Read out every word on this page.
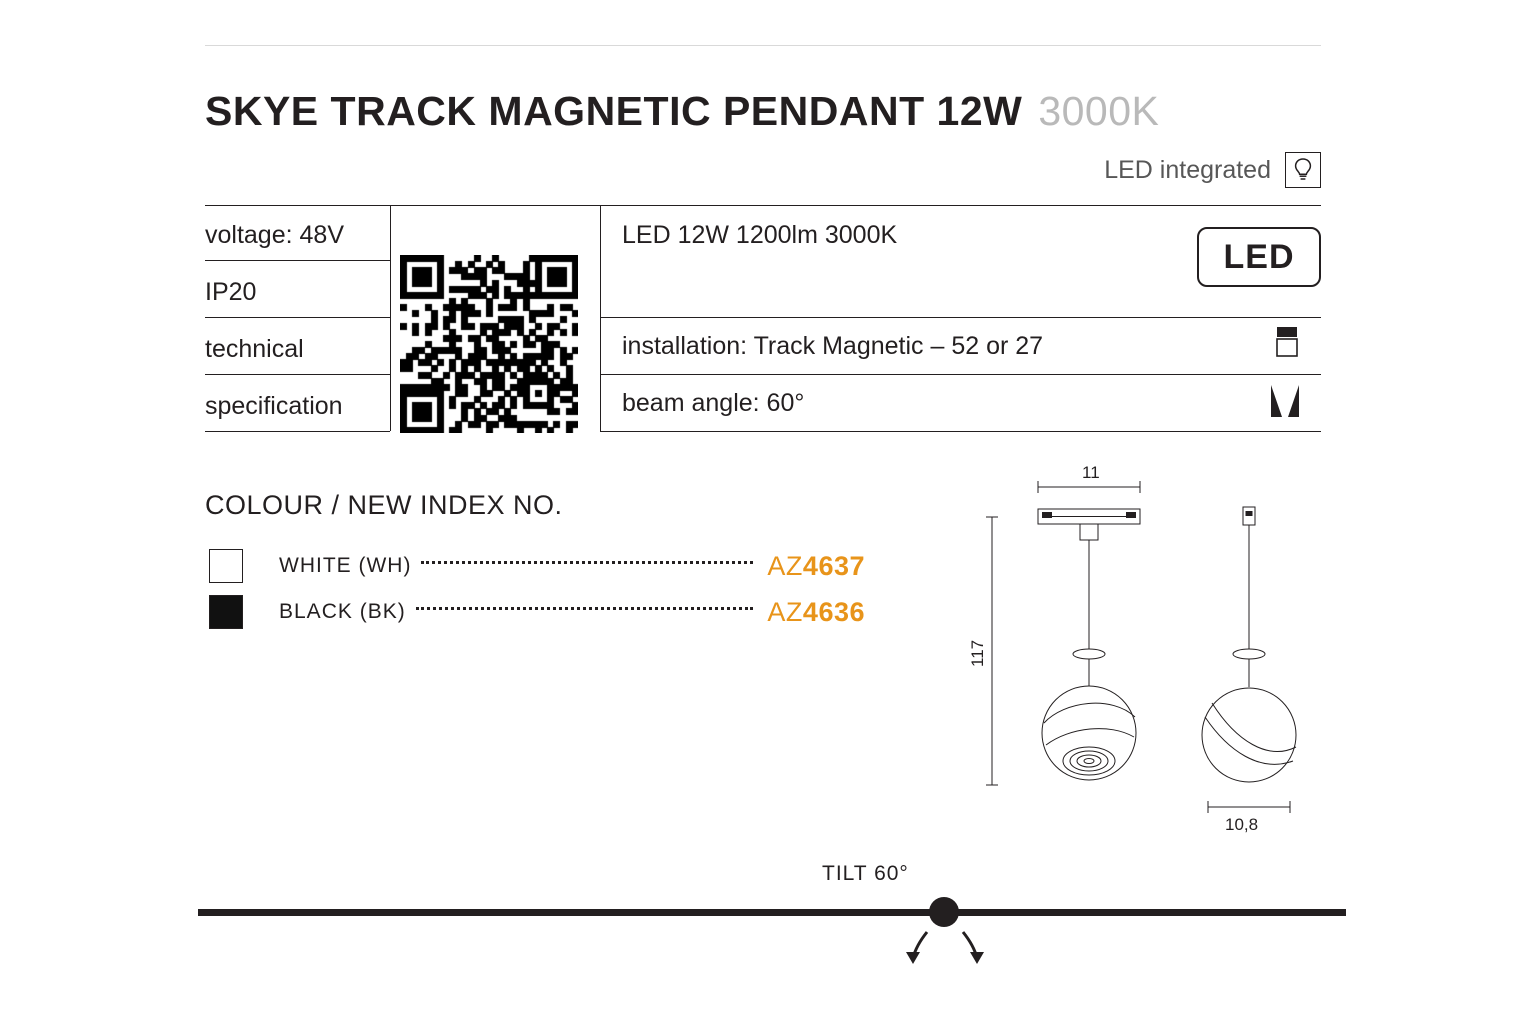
SKYE TRACK MAGNETIC PENDANT 12W 3000K
LED integrated
voltage: 48V
IP20
technical
specification
LED 12W 1200lm 3000K
installation: Track Magnetic – 52 or 27
beam angle: 60°
LED
COLOUR / NEW INDEX NO.
WHITE (WH)	AZ4637
BLACK (BK)	AZ4636
11
117
10,8
TILT 60°
